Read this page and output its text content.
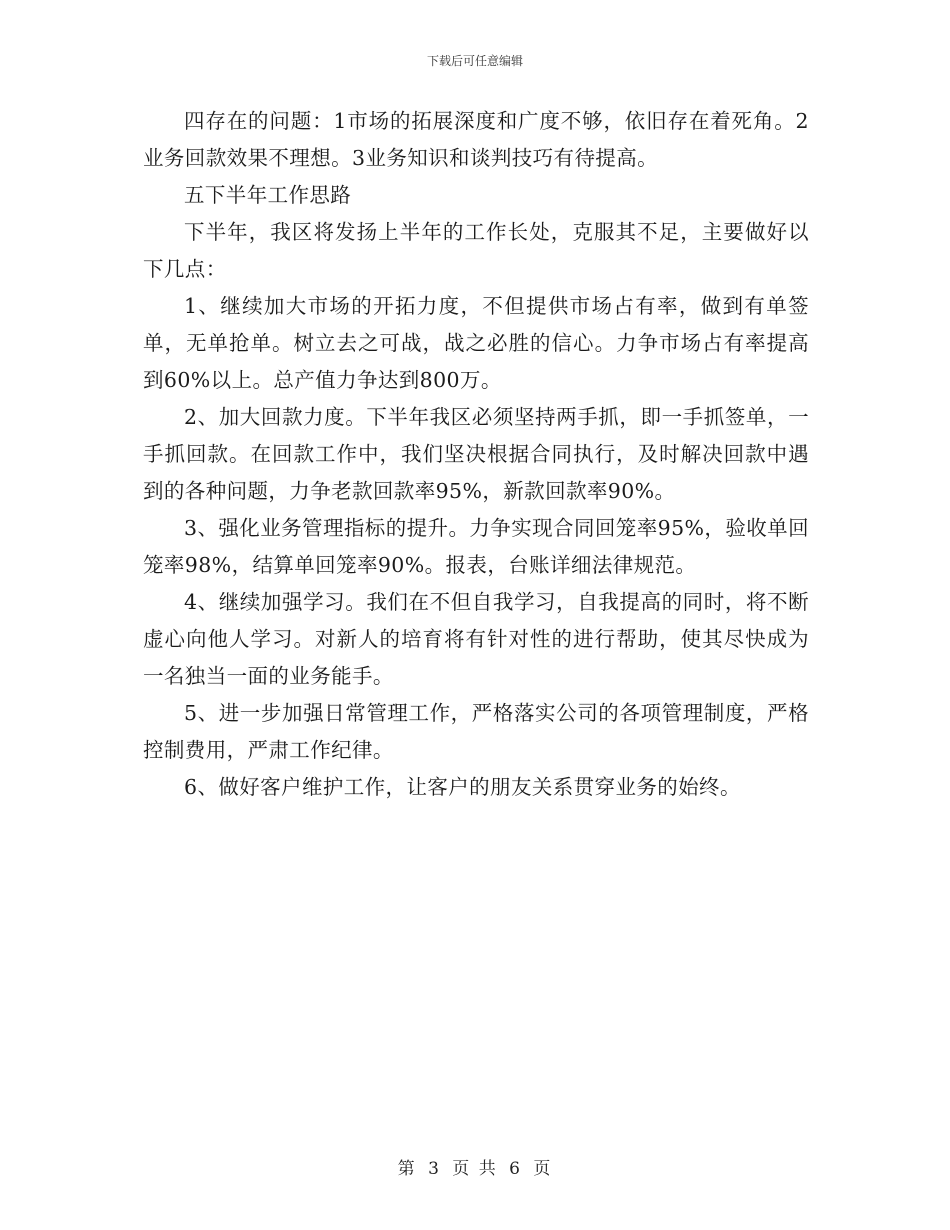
下载后可任意编辑

四存在的问题：1市场的拓展深度和广度不够，依旧存在着死角。2业务回款效果不理想。3业务知识和谈判技巧有待提高。

五下半年工作思路

下半年，我区将发扬上半年的工作长处，克服其不足，主要做好以下几点：

1、继续加大市场的开拓力度，不但提供市场占有率，做到有单签单，无单抢单。树立去之可战，战之必胜的信心。力争市场占有率提高到60%以上。总产值力争达到800万。

2、加大回款力度。下半年我区必须坚持两手抓，即一手抓签单，一手抓回款。在回款工作中，我们坚决根据合同执行，及时解决回款中遇到的各种问题，力争老款回款率95%，新款回款率90%。

3、强化业务管理指标的提升。力争实现合同回笼率95%，验收单回笼率98%，结算单回笼率90%。报表，台账详细法律规范。

4、继续加强学习。我们在不但自我学习，自我提高的同时，将不断虚心向他人学习。对新人的培育将有针对性的进行帮助，使其尽快成为一名独当一面的业务能手。

5、进一步加强日常管理工作，严格落实公司的各项管理制度，严格控制费用，严肃工作纪律。

6、做好客户维护工作，让客户的朋友关系贯穿业务的始终。

第 3 页 共 6 页
